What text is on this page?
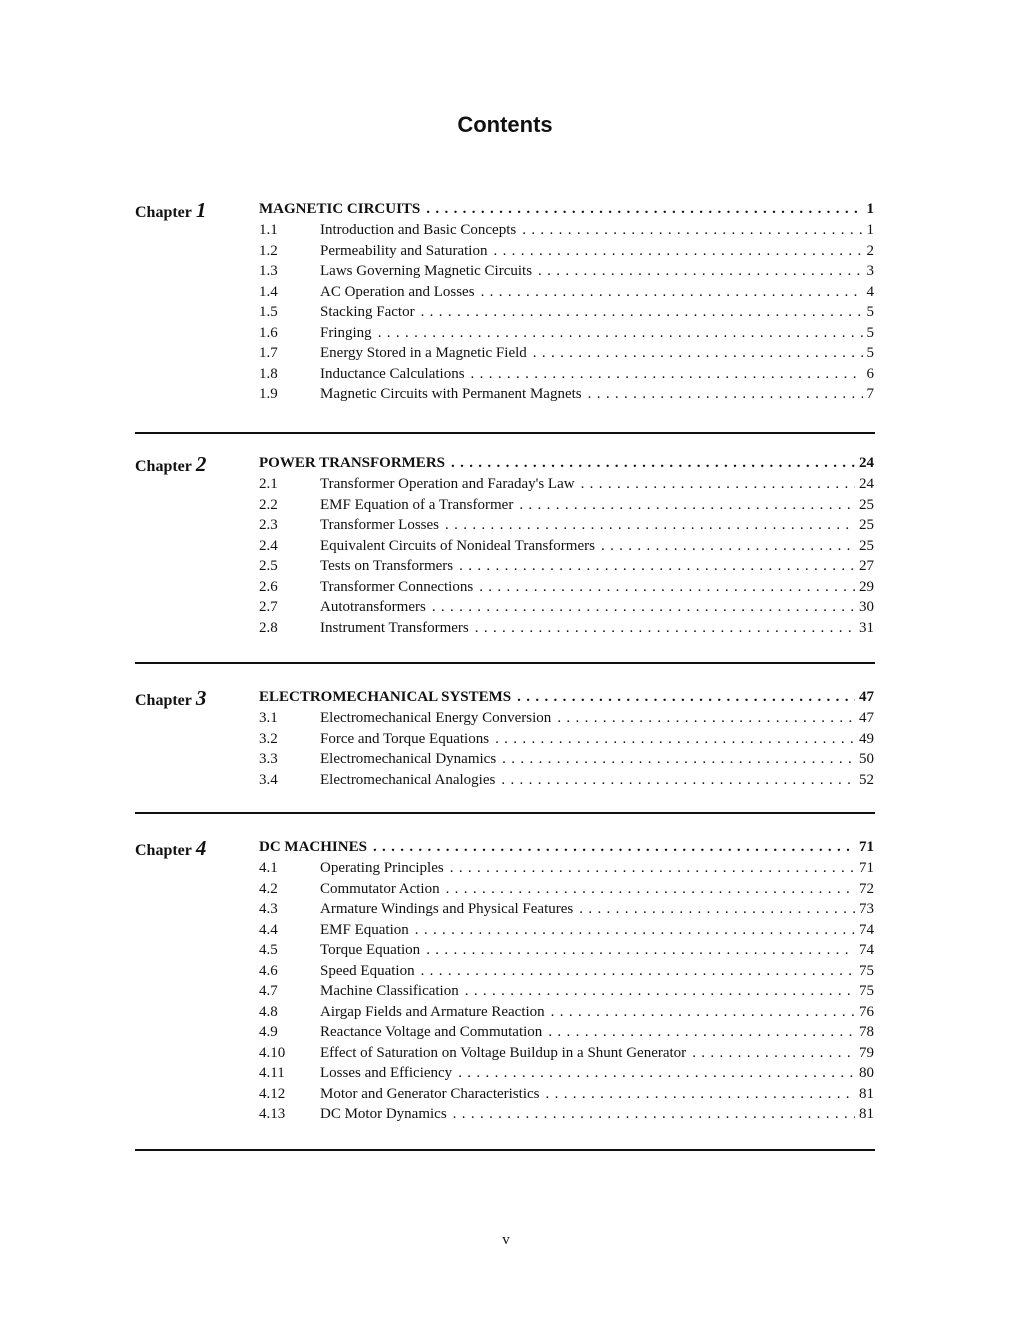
Contents
Chapter 1	MAGNETIC CIRCUITS . . .	1
1.1	Introduction and Basic Concepts . . .	1
1.2	Permeability and Saturation . . .	2
1.3	Laws Governing Magnetic Circuits . . .	3
1.4	AC Operation and Losses . . .	4
1.5	Stacking Factor . . .	5
1.6	Fringing . . .	5
1.7	Energy Stored in a Magnetic Field . . .	5
1.8	Inductance Calculations . . .	6
1.9	Magnetic Circuits with Permanent Magnets . . .	7
Chapter 2	POWER TRANSFORMERS . . .	24
2.1	Transformer Operation and Faraday's Law . . .	24
2.2	EMF Equation of a Transformer . . .	25
2.3	Transformer Losses . . .	25
2.4	Equivalent Circuits of Nonideal Transformers . . .	25
2.5	Tests on Transformers . . .	27
2.6	Transformer Connections . . .	29
2.7	Autotransformers . . .	30
2.8	Instrument Transformers . . .	31
Chapter 3	ELECTROMECHANICAL SYSTEMS . . .	47
3.1	Electromechanical Energy Conversion . . .	47
3.2	Force and Torque Equations . . .	49
3.3	Electromechanical Dynamics . . .	50
3.4	Electromechanical Analogies . . .	52
Chapter 4	DC MACHINES . . .	71
4.1	Operating Principles . . .	71
4.2	Commutator Action . . .	72
4.3	Armature Windings and Physical Features . . .	73
4.4	EMF Equation . . .	74
4.5	Torque Equation . . .	74
4.6	Speed Equation . . .	75
4.7	Machine Classification . . .	75
4.8	Airgap Fields and Armature Reaction . . .	76
4.9	Reactance Voltage and Commutation . . .	78
4.10	Effect of Saturation on Voltage Buildup in a Shunt Generator . . .	79
4.11	Losses and Efficiency . . .	80
4.12	Motor and Generator Characteristics . . .	81
4.13	DC Motor Dynamics . . .	81
v
